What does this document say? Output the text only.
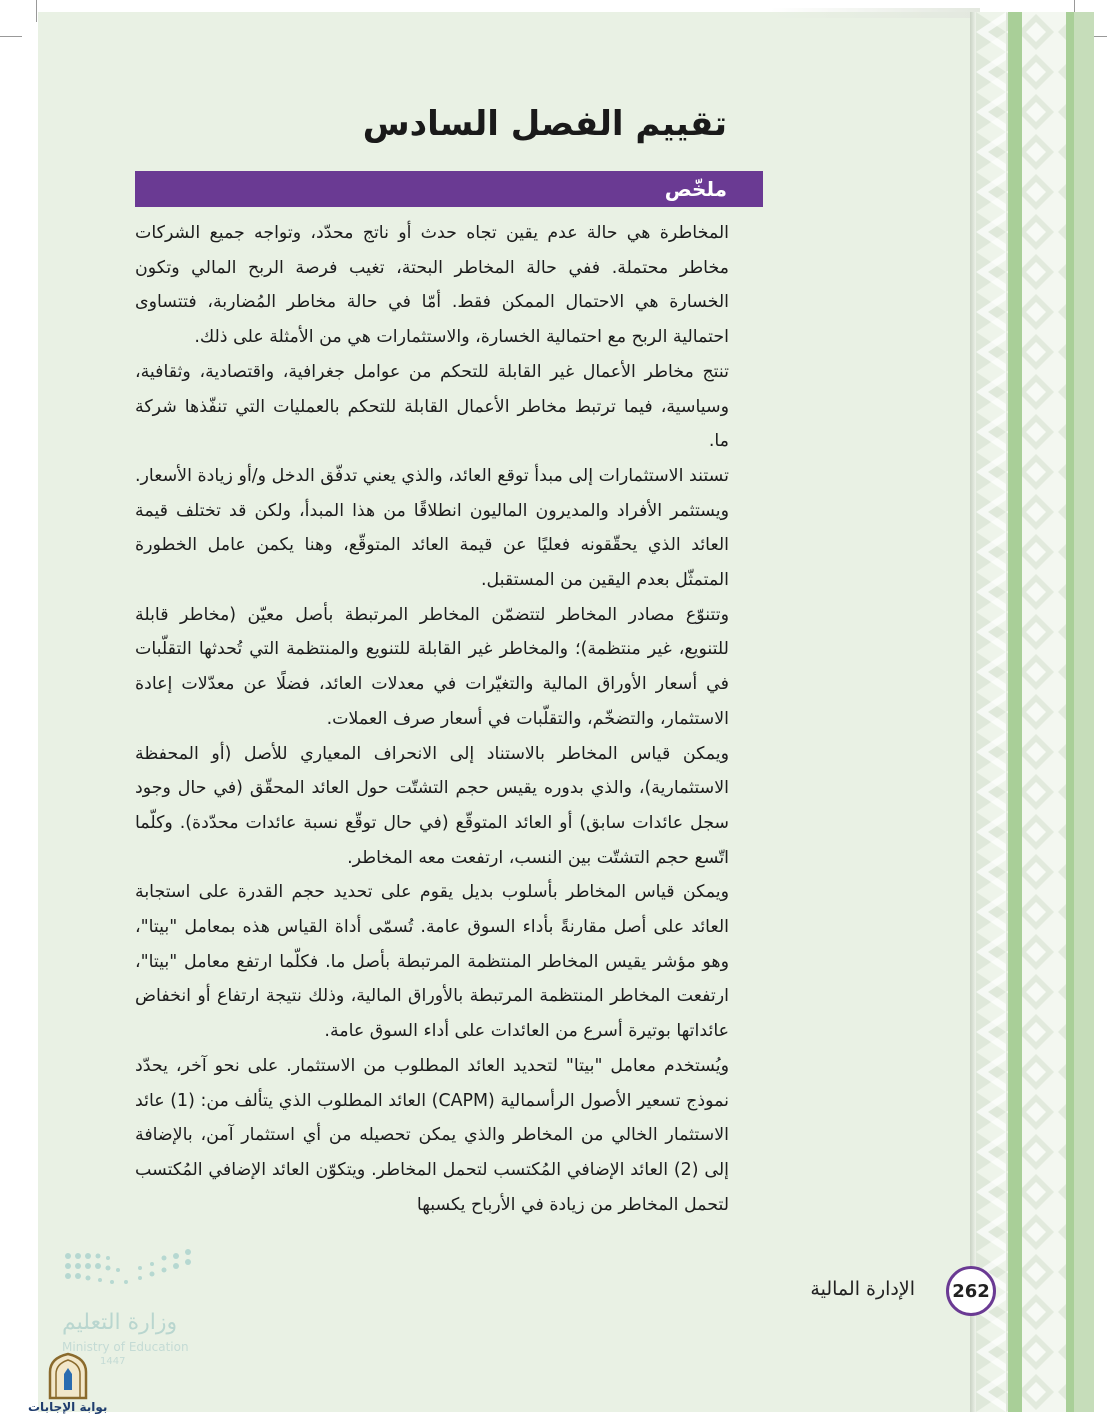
تقييم الفصل السادس
ملخّص

المخاطرة هي حالة عدم يقين تجاه حدث أو ناتج محدّد، وتواجه جميع الشركات مخاطر محتملة. ففي حالة المخاطر البحتة، تغيب فرصة الربح المالي وتكون الخسارة هي الاحتمال الممكن فقط. أمّا في حالة مخاطر المُضاربة، فتتساوى احتمالية الربح مع احتمالية الخسارة، والاستثمارات هي من الأمثلة على ذلك.

تنتج مخاطر الأعمال غير القابلة للتحكم من عوامل جغرافية، واقتصادية، وثقافية، وسياسية، فيما ترتبط مخاطر الأعمال القابلة للتحكم بالعمليات التي تنفّذها شركة ما.

تستند الاستثمارات إلى مبدأ توقع العائد، والذي يعني تدفّق الدخل و/أو زيادة الأسعار. ويستثمر الأفراد والمديرون الماليون انطلاقًا من هذا المبدأ، ولكن قد تختلف قيمة العائد الذي يحقّقونه فعليًا عن قيمة العائد المتوقّع، وهنا يكمن عامل الخطورة المتمثّل بعدم اليقين من المستقبل.

وتتنوّع مصادر المخاطر لتتضمّن المخاطر المرتبطة بأصل معيّن (مخاطر قابلة للتنويع، غير منتظمة)؛ والمخاطر غير القابلة للتنويع والمنتظمة التي تُحدثها التقلّبات في أسعار الأوراق المالية والتغيّرات في معدلات العائد، فضلًا عن معدّلات إعادة الاستثمار، والتضخّم، والتقلّبات في أسعار صرف العملات.

ويمكن قياس المخاطر بالاستناد إلى الانحراف المعياري للأصل (أو المحفظة الاستثمارية)، والذي بدوره يقيس حجم التشتّت حول العائد المحقّق (في حال وجود سجل عائدات سابق) أو العائد المتوقّع (في حال توقّع نسبة عائدات محدّدة). وكلّما اتّسع حجم التشتّت بين النسب، ارتفعت معه المخاطر.

ويمكن قياس المخاطر بأسلوب بديل يقوم على تحديد حجم القدرة على استجابة العائد على أصل مقارنةً بأداء السوق عامة. تُسمّى أداة القياس هذه بمعامل "بيتا"، وهو مؤشر يقيس المخاطر المنتظمة المرتبطة بأصل ما. فكلّما ارتفع معامل "بيتا"، ارتفعت المخاطر المنتظمة المرتبطة بالأوراق المالية، وذلك نتيجة ارتفاع أو انخفاض عائداتها بوتيرة أسرع من العائدات على أداء السوق عامة.

ويُستخدم معامل "بيتا" لتحديد العائد المطلوب من الاستثمار. على نحو آخر، يحدّد نموذج تسعير الأصول الرأسمالية (CAPM) العائد المطلوب الذي يتألف من: (1) عائد الاستثمار الخالي من المخاطر والذي يمكن تحصيله من أي استثمار آمن، بالإضافة إلى (2) العائد الإضافي المُكتسب لتحمل المخاطر. ويتكوّن العائد الإضافي المُكتسب لتحمل المخاطر من زيادة في الأرباح يكسبها

الإدارة المالية 262
وزارة التعليم
Ministry of Education
1447
بوابة الإجابات
